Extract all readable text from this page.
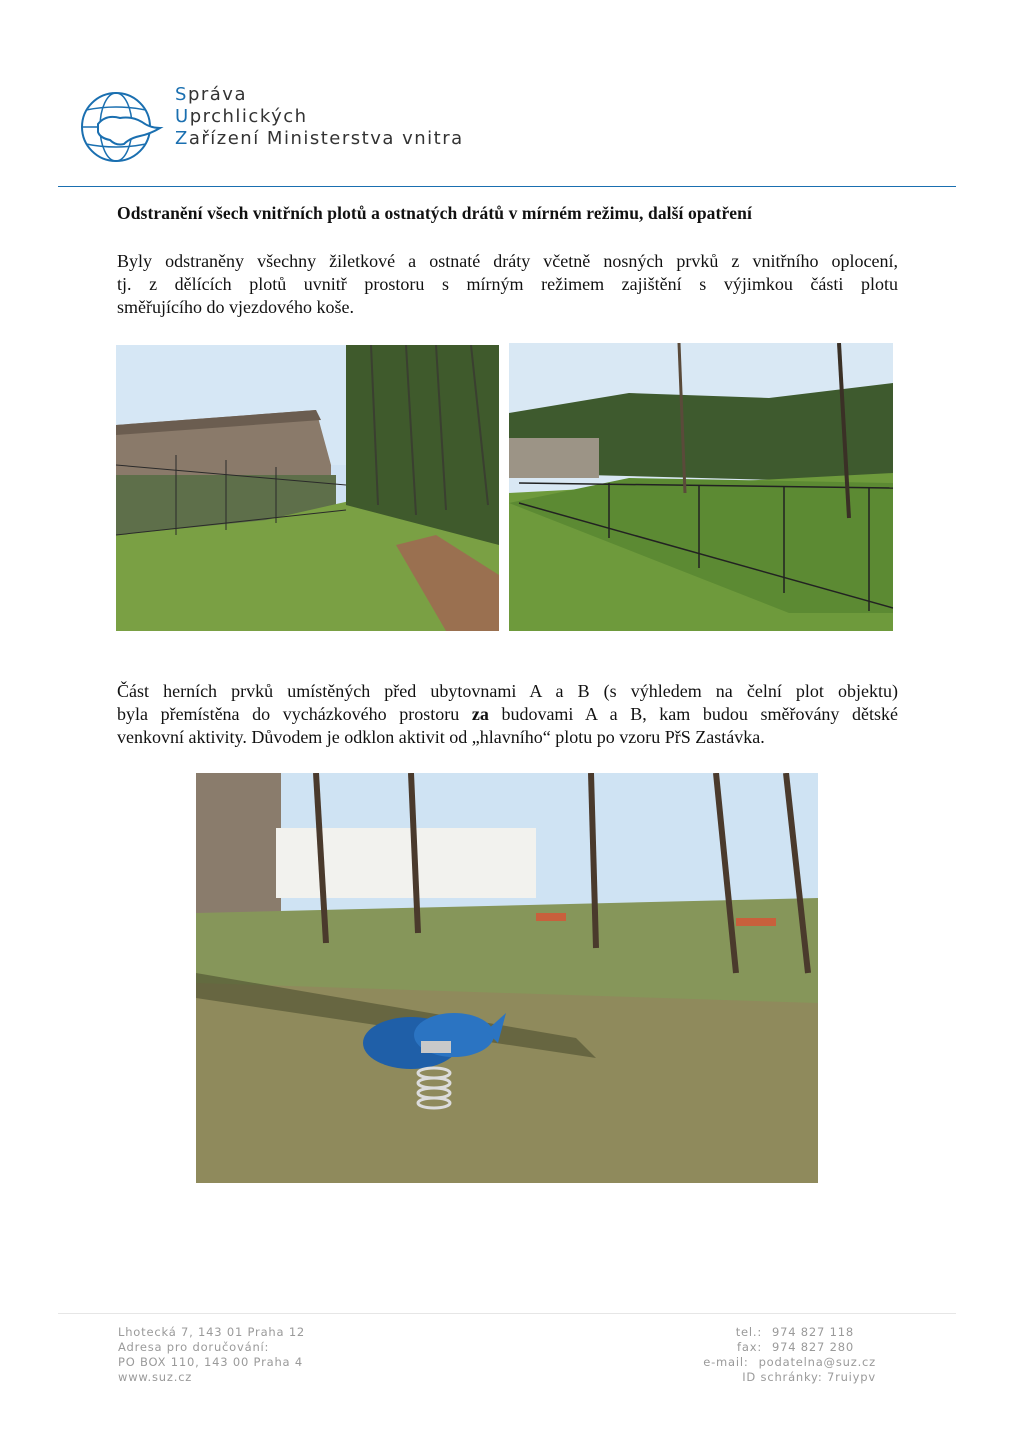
Správa
Uprchlických
Zařízení Ministerstva vnitra
Odstranění všech vnitřních plotů a ostnatých drátů v mírném režimu, další opatření
Byly odstraněny všechny žiletkové a ostnaté dráty včetně nosných prvků z vnitřního oplocení,
tj. z dělících plotů uvnitř prostoru s mírným režimem zajištění s výjimkou části plotu
směřujícího do vjezdového koše.
Část herních prvků umístěných před ubytovnami A a B (s výhledem na čelní plot objektu)
byla přemístěna do vycházkového prostoru za budovami A a B, kam budou směřovány dětské
venkovní aktivity. Důvodem je odklon aktivit od „hlavního“ plotu po vzoru PřS Zastávka.
Lhotecká 7, 143 01 Praha 12
Adresa pro doručování:
PO BOX 110, 143 00 Praha 4
www.suz.cz
tel.: 974 827 118
fax: 974 827 280
e-mail: podatelna@suz.cz
ID schránky: 7ruiypv
